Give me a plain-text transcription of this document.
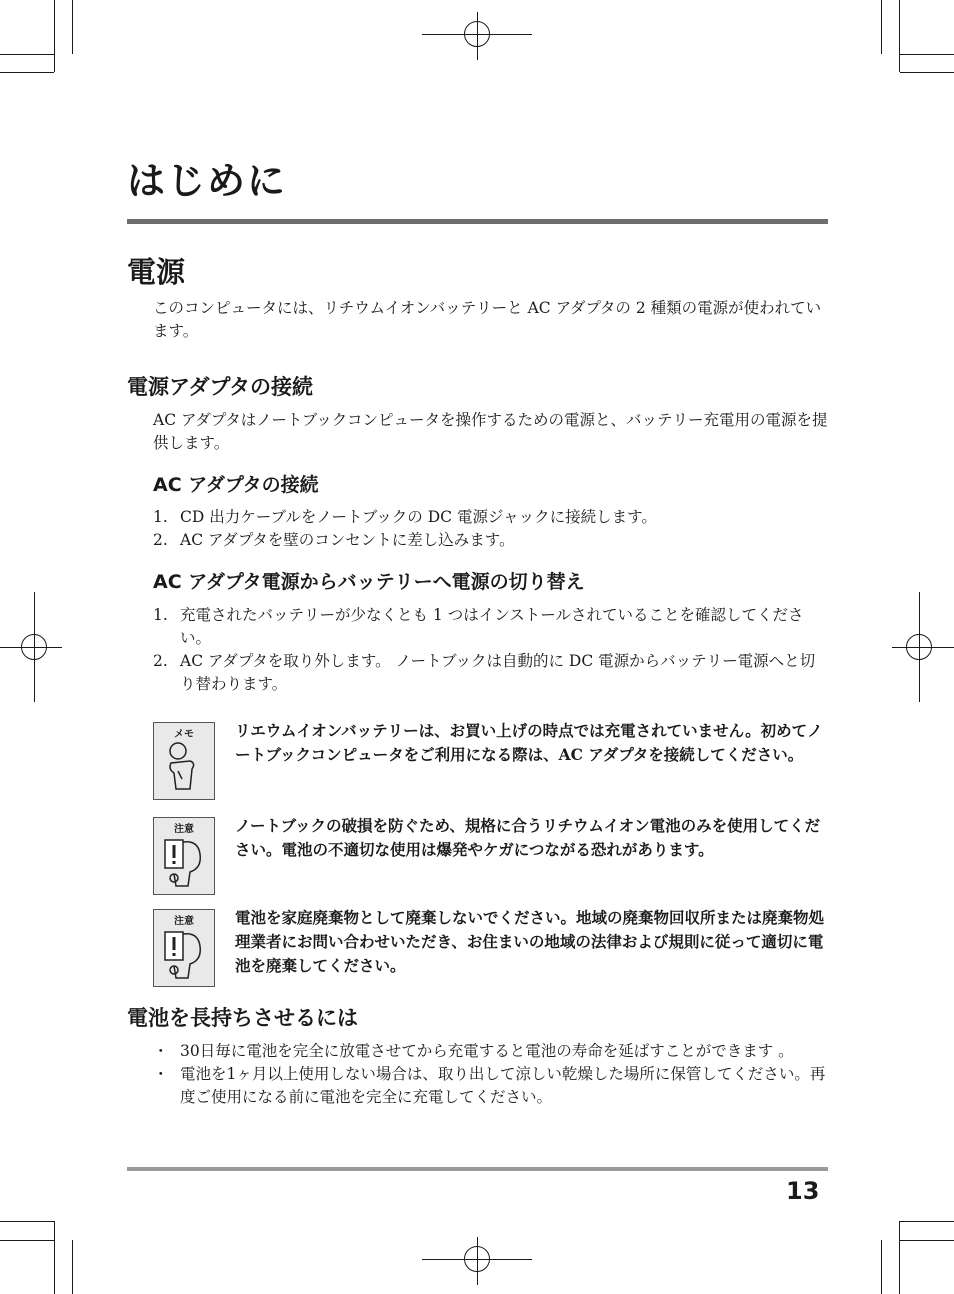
はじめに
電源

このコンピュータには、リチウムイオンバッテリーと AC アダプタの 2 種類の電源が使われています。

電源アダプタの接続

AC アダプタはノートブックコンピュータを操作するための電源と、バッテリー充電用の電源を提供します。

AC アダプタの接続
1. CD 出力ケーブルをノートブックの DC 電源ジャックに接続します。
2. AC アダプタを壁のコンセントに差し込みます。
AC アダプタ電源からバッテリーへ電源の切り替え
1. 充電されたバッテリーが少なくとも 1 つはインストールされていることを確認してください。
2. AC アダプタを取り外します。 ノートブックは自動的に DC 電源からバッテリー電源へと切り替わります。
メモ	リエウムイオンバッテリーは、お買い上げの時点では充電されていません。初めてノートブックコンピュータをご利用になる際は、AC アダプタを接続してください。

注意	ノートブックの破損を防ぐため、規格に合うリチウムイオン電池のみを使用してください。電池の不適切な使用は爆発やケガにつながる恐れがあります。

注意	電池を家庭廃棄物として廃棄しないでください。地域の廃棄物回収所または廃棄物処理業者にお問い合わせいただき、お住まいの地域の法律および規則に従って適切に電池を廃棄してください。

電池を長持ちさせるには
・ 30日毎に電池を完全に放電させてから充電すると電池の寿命を延ばすことができます 。
・ 電池を1ヶ月以上使用しない場合は、取り出して涼しい乾燥した場所に保管してください。再度ご使用になる前に電池を完全に充電してください。
13
